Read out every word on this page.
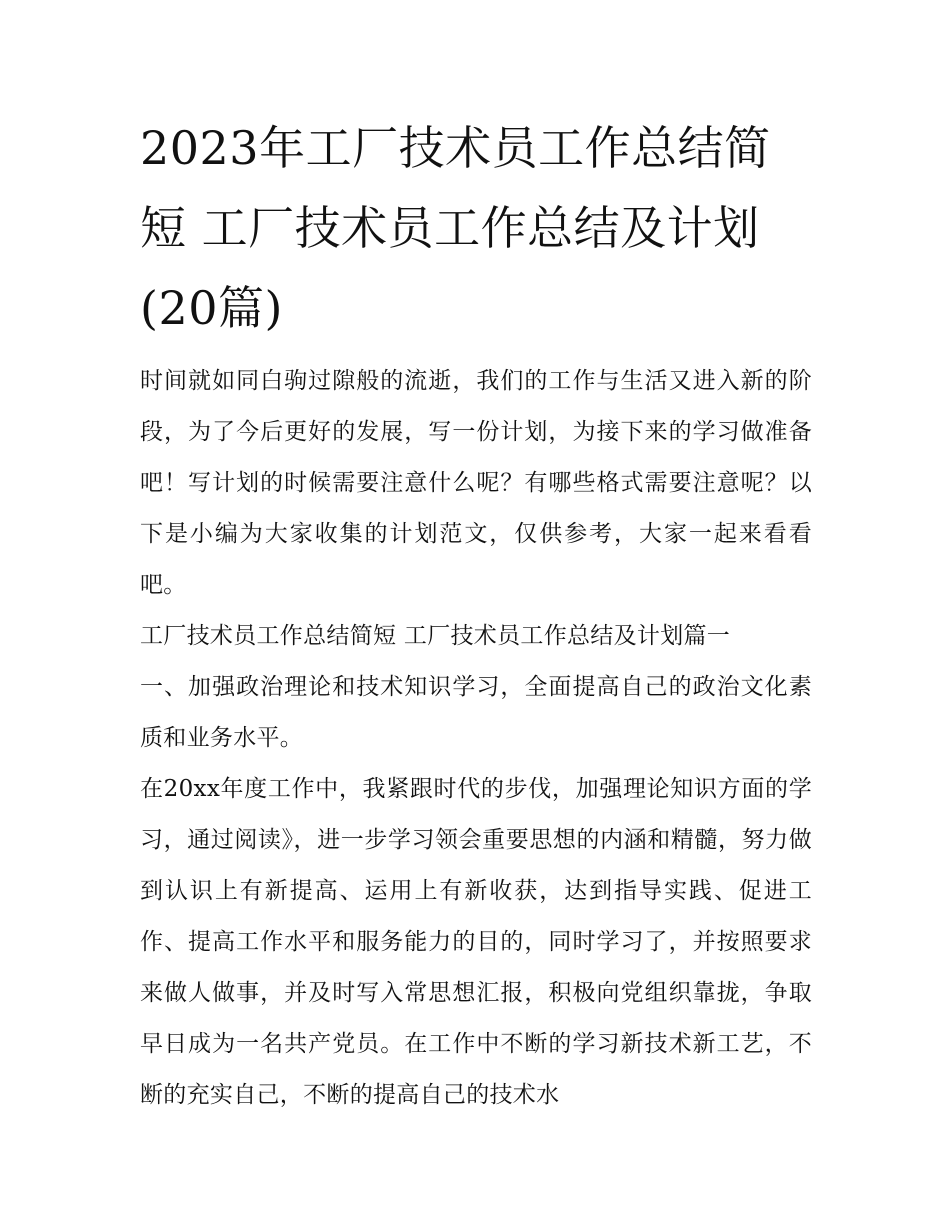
2023年工厂技术员工作总结简
短 工厂技术员工作总结及计划
(20篇)

时间就如同白驹过隙般的流逝，我们的工作与生活又进入新的阶段，为了今后更好的发展，写一份计划，为接下来的学习做准备吧！写计划的时候需要注意什么呢？有哪些格式需要注意呢？以下是小编为大家收集的计划范文，仅供参考，大家一起来看看吧。

工厂技术员工作总结简短 工厂技术员工作总结及计划篇一

一、加强政治理论和技术知识学习，全面提高自己的政治文化素质和业务水平。

在20xx年度工作中，我紧跟时代的步伐，加强理论知识方面的学习，通过阅读》，进一步学习领会重要思想的内涵和精髓，努力做到认识上有新提高、运用上有新收获，达到指导实践、促进工作、提高工作水平和服务能力的目的，同时学习了，并按照要求来做人做事，并及时写入常思想汇报，积极向党组织靠拢，争取早日成为一名共产党员。在工作中不断的学习新技术新工艺，不断的充实自己，不断的提高自己的技术水
